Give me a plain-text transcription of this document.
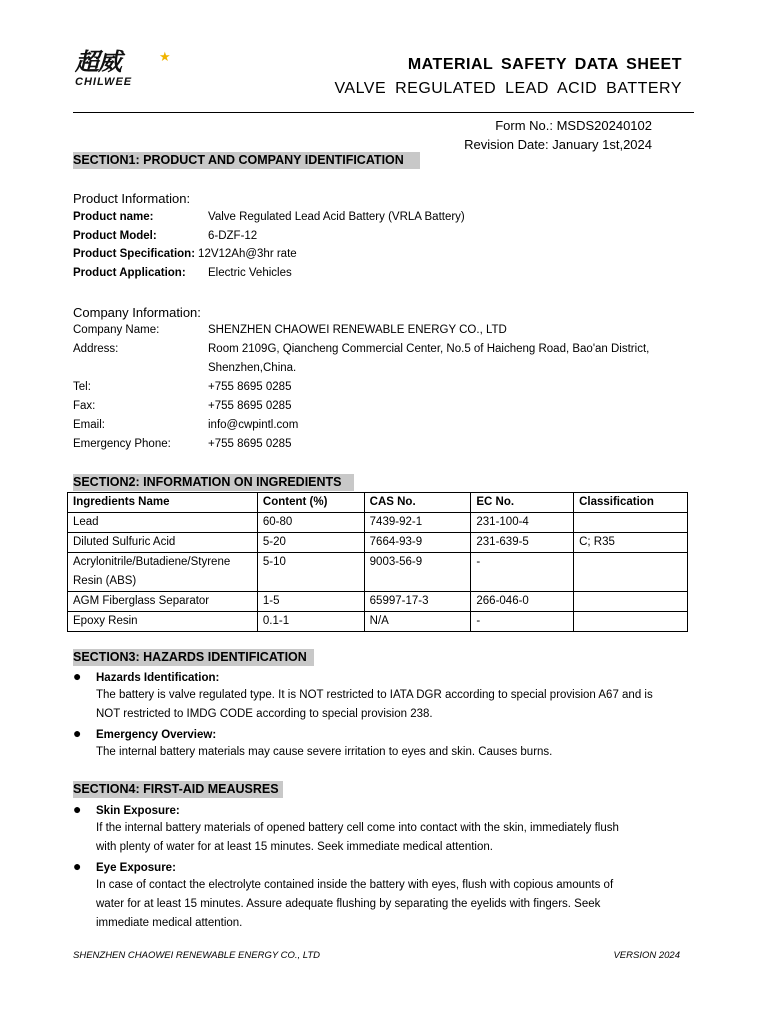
超威	★
CHILWEE
MATERIAL SAFETY DATA SHEET
VALVE REGULATED LEAD ACID BATTERY
Form No.: MSDS20240102
Revision Date: January 1st,2024
SECTION1: PRODUCT AND COMPANY IDENTIFICATION
Product Information:
Product name:	Valve Regulated Lead Acid Battery (VRLA Battery)
Product Model:	6-DZF-12
Product Specification: 12V12Ah@3hr rate
Product Application: Electric Vehicles
Company Information:
Company Name:	SHENZHEN CHAOWEI RENEWABLE ENERGY CO., LTD
Address:	Room 2109G, Qiancheng Commercial Center, No.5 of Haicheng Road, Bao'an District,
Shenzhen,China.
Tel:	+755 8695 0285
Fax:	+755 8695 0285
Email:	info@cwpintl.com
Emergency Phone:	+755 8695 0285
SECTION2: INFORMATION ON INGREDIENTS
Ingredients Name	Content (%)	CAS No.	EC No.	Classification
Lead	60-80	7439-92-1	231-100-4	
Diluted Sulfuric Acid	5-20	7664-93-9	231-639-5	C; R35
Acrylonitrile/Butadiene/Styrene Resin (ABS)	5-10	9003-56-9	-	
AGM Fiberglass Separator	1-5	65997-17-3	266-046-0	
Epoxy Resin	0.1-1	N/A	-	
SECTION3: HAZARDS IDENTIFICATION
● Hazards Identification:
The battery is valve regulated type. It is NOT restricted to IATA DGR according to special provision A67 and is
NOT restricted to IMDG CODE according to special provision 238.
● Emergency Overview:
The internal battery materials may cause severe irritation to eyes and skin. Causes burns.
SECTION4: FIRST-AID MEAUSRES
● Skin Exposure:
If the internal battery materials of opened battery cell come into contact with the skin, immediately flush
with plenty of water for at least 15 minutes. Seek immediate medical attention.
● Eye Exposure:
In case of contact the electrolyte contained inside the battery with eyes, flush with copious amounts of
water for at least 15 minutes. Assure adequate flushing by separating the eyelids with fingers. Seek
immediate medical attention.
SHENZHEN CHAOWEI RENEWABLE ENERGY CO., LTD	VERSION 2024
